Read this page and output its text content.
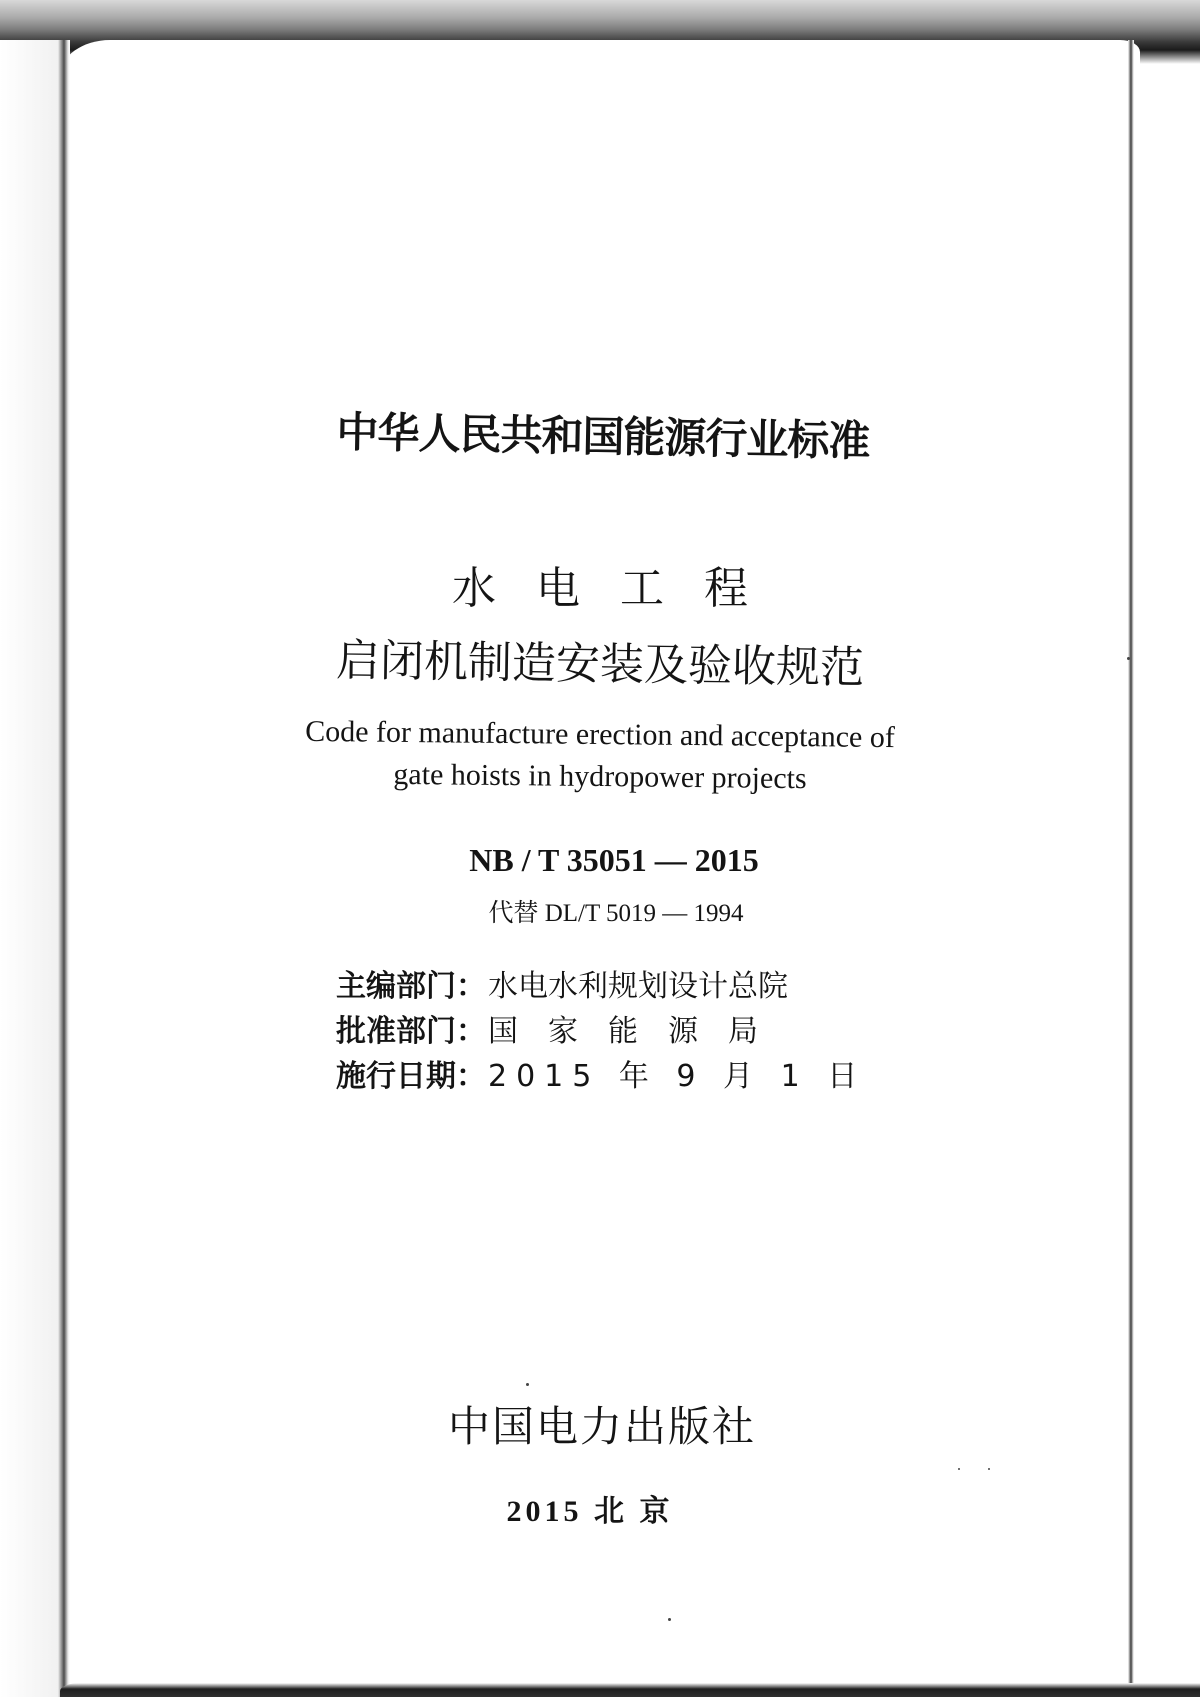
中华人民共和国能源行业标准
水电工程
启闭机制造安装及验收规范
Code for manufacture erection and acceptance of
gate hoists in hydropower projects
NB / T 35051 — 2015
代替 DL/T 5019 — 1994
主编部门： 水电水利规划设计总院
批准部门： 国家能源局
施行日期： 2015 年 9 月 1 日
中国电力出版社
2015 北 京
